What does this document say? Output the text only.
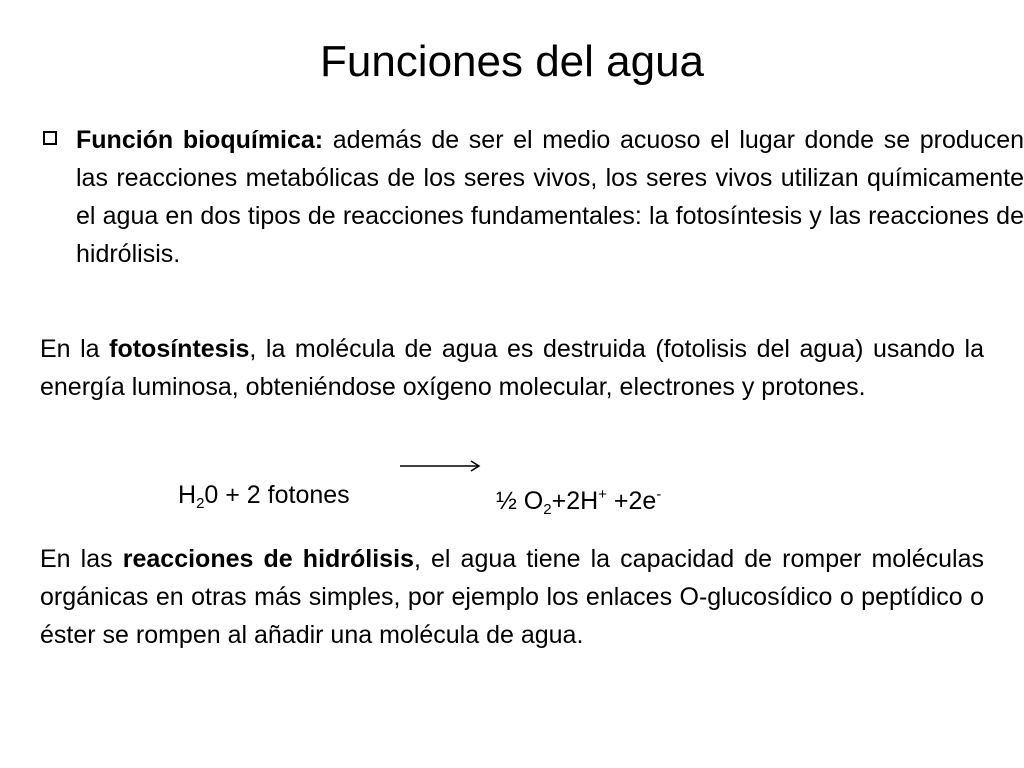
Funciones del agua

Función bioquímica: además de ser el medio acuoso el lugar donde se producen las reacciones metabólicas de los seres vivos, los seres vivos utilizan químicamente el agua en dos tipos de reacciones fundamentales: la fotosíntesis y las reacciones de hidrólisis.

En la fotosíntesis, la molécula de agua es destruida (fotolisis del agua) usando la energía luminosa, obteniéndose oxígeno molecular, electrones y protones.

$H_20 + 2$ fotones	½ $O_2+2H^+ +2e^-$

En las reacciones de hidrólisis, el agua tiene la capacidad de romper moléculas orgánicas en otras más simples, por ejemplo los enlaces O-glucosídico o peptídico o éster se rompen al añadir una molécula de agua.
